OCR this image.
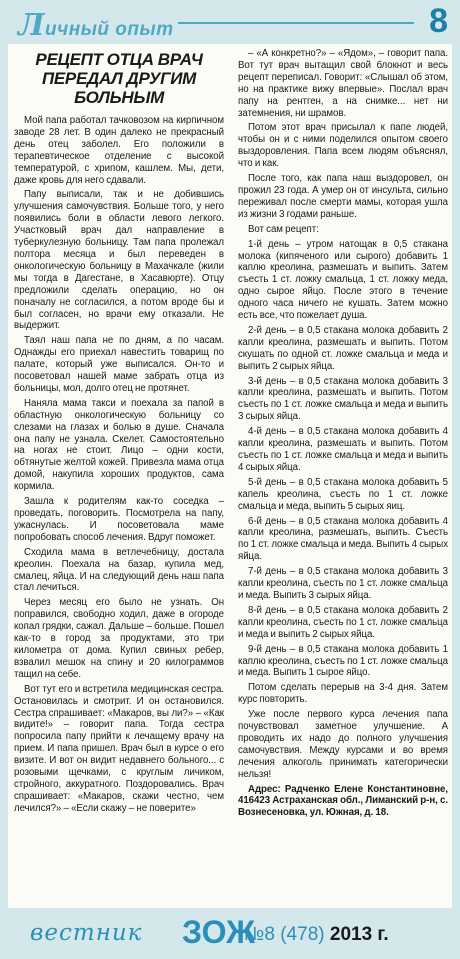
Личный опыт	8
РЕЦЕПТ ОТЦА ВРАЧ ПЕРЕДАЛ ДРУГИМ БОЛЬНЫМ

Мой папа работал тачковозом на кирпичном заводе 28 лет. В один далеко не прекрасный день отец заболел. Его положили в терапевтическое отделение с высокой температурой, с хрипом, кашлем. Мы, дети, даже кровь для него сдавали.

Папу выписали, так и не добившись улучшения самочувствия. Больше того, у него появились боли в области левого легкого. Участковый врач дал направление в туберкулезную больницу. Там папа пролежал полтора месяца и был переведен в онкологическую больницу в Махачкале (жили мы тогда в Дагестане, в Хасавюрте). Отцу предложили сделать операцию, но он поначалу не согласился, а потом вроде бы и был согласен, но врачи ему отказали. Не выдержит.

Таял наш папа не по дням, а по часам. Однажды его приехал навестить товарищ по палате, который уже выписался. Он-то и посоветовал нашей маме забрать отца из больницы, мол, долго отец не протянет.

Наняла мама такси и поехала за папой в областную онкологическую больницу со слезами на глазах и болью в душе. Сначала она папу не узнала. Скелет. Самостоятельно на ногах не стоит. Лицо – одни кости, обтянутые желтой кожей. Привезла мама отца домой, накупила хороших продуктов, сама кормила.

Зашла к родителям как-то соседка – проведать, поговорить. Посмотрела на папу, ужаснулась. И посоветовала маме попробовать способ лечения. Вдруг поможет.

Сходила мама в ветлечебницу, достала креолин. Поехала на базар, купила мед, смалец, яйца. И на следующий день наш папа стал лечиться.

Через месяц его было не узнать. Он поправился, свободно ходил, даже в огороде копал грядки, сажал. Дальше – больше. Пошел как-то в город за продуктами, это три километра от дома. Купил свиных ребер, взвалил мешок на спину и 20 килограммов тащил на себе.

Вот тут его и встретила медицинская сестра. Остановилась и смотрит. И он остановился. Сестра спрашивает: «Макаров, вы ли?» – «Как видите!» – говорит папа. Тогда сестра попросила папу прийти к лечащему врачу на прием. И папа пришел. Врач был в курсе о его визите. И вот он видит недавнего больного... с розовыми щечками, с круглым личиком, стройного, аккуратного. Поздоровались. Врач спрашивает: «Макаров, скажи честно, чем лечился?» – «Если скажу – не поверите»

– «А конкретно?» – «Ядом», – говорит папа. Вот тут врач вытащил свой блокнот и весь рецепт переписал. Говорит: «Слышал об этом, но на практике вижу впервые». Послал врач папу на рентген, а на снимке... нет ни затемнения, ни шрамов.

Потом этот врач присылал к папе людей, чтобы он и с ними поделился опытом своего выздоровления. Папа всем людям объяснял, что и как.

После того, как папа наш выздоровел, он прожил 23 года. А умер он от инсульта, сильно переживал после смерти мамы, которая ушла из жизни 3 годами раньше.

Вот сам рецепт:

1-й день – утром натощак в 0,5 стакана молока (кипяченого или сырого) добавить 1 каплю креолина, размешать и выпить. Затем съесть 1 ст. ложку смальца, 1 ст. ложку меда, одно сырое яйцо. После этого в течение одного часа ничего не кушать. Затем можно есть все, что пожелает душа.

2-й день – в 0,5 стакана молока добавить 2 капли креолина, размешать и выпить. Потом скушать по одной ст. ложке смальца и меда и выпить 2 сырых яйца.

3-й день – в 0,5 стакана молока добавить 3 капли креолина, размешать и выпить. Потом съесть по 1 ст. ложке смальца и меда и выпить 3 сырых яйца.

4-й день – в 0,5 стакана молока добавить 4 капли креолина, размешать и выпить. Потом съесть по 1 ст. ложке смальца и меда и выпить 4 сырых яйца.

5-й день – в 0,5 стакана молока добавить 5 капель креолина, съесть по 1 ст. ложке смальца и меда, выпить 5 сырых яиц.

6-й день – в 0,5 стакана молока добавить 4 капли креолина, размешать, выпить. Съесть по 1 ст. ложке смальца и меда. Выпить 4 сырых яйца.

7-й день – в 0,5 стакана молока добавить 3 капли креолина, съесть по 1 ст. ложке смальца и меда. Выпить 3 сырых яйца.

8-й день – в 0,5 стакана молока добавить 2 капли креолина, съесть по 1 ст. ложке смальца и меда и выпить 2 сырых яйца.

9-й день – в 0,5 стакана молока добавить 1 каплю креолина, съесть по 1 ст. ложке смальца и меда. Выпить 1 сырое яйцо.

Потом сделать перерыв на 3-4 дня. Затем курс повторить.

Уже после первого курса лечения папа почувствовал заметное улучшение. А проводить их надо до полного улучшения самочувствия. Между курсами и во время лечения алкоголь принимать категорически нельзя!

Адрес: Радченко Елене Константиновне, 416423 Астраханская обл., Лиманский р-н, с. Вознесеновка, ул. Южная, д. 18.

вестник ЗОЖ
№8 (478) 2013 г.
